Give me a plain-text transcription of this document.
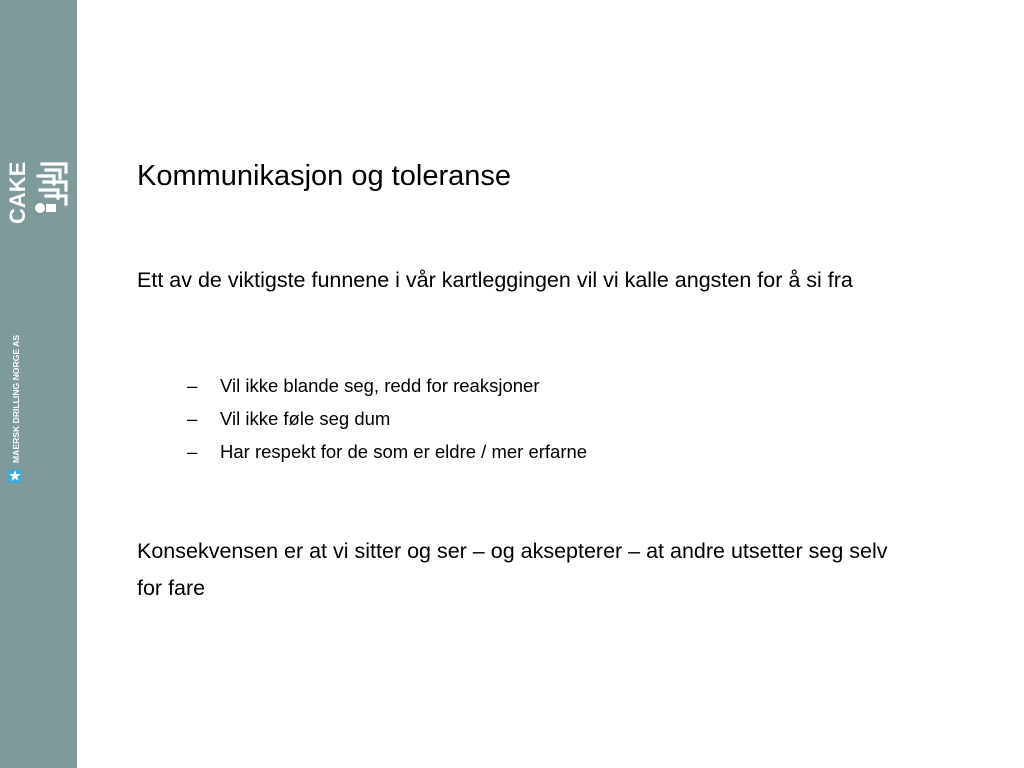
CAKE
MAERSK DRILLING NORGE AS
Kommunikasjon og toleranse

Ett av de viktigste funnene i vår kartleggingen vil vi kalle angsten for å si fra

– Vil ikke blande seg, redd for reaksjoner
– Vil ikke føle seg dum
– Har respekt for de som er eldre / mer erfarne

Konsekvensen er at vi sitter og ser – og aksepterer – at andre utsetter seg selv for fare
